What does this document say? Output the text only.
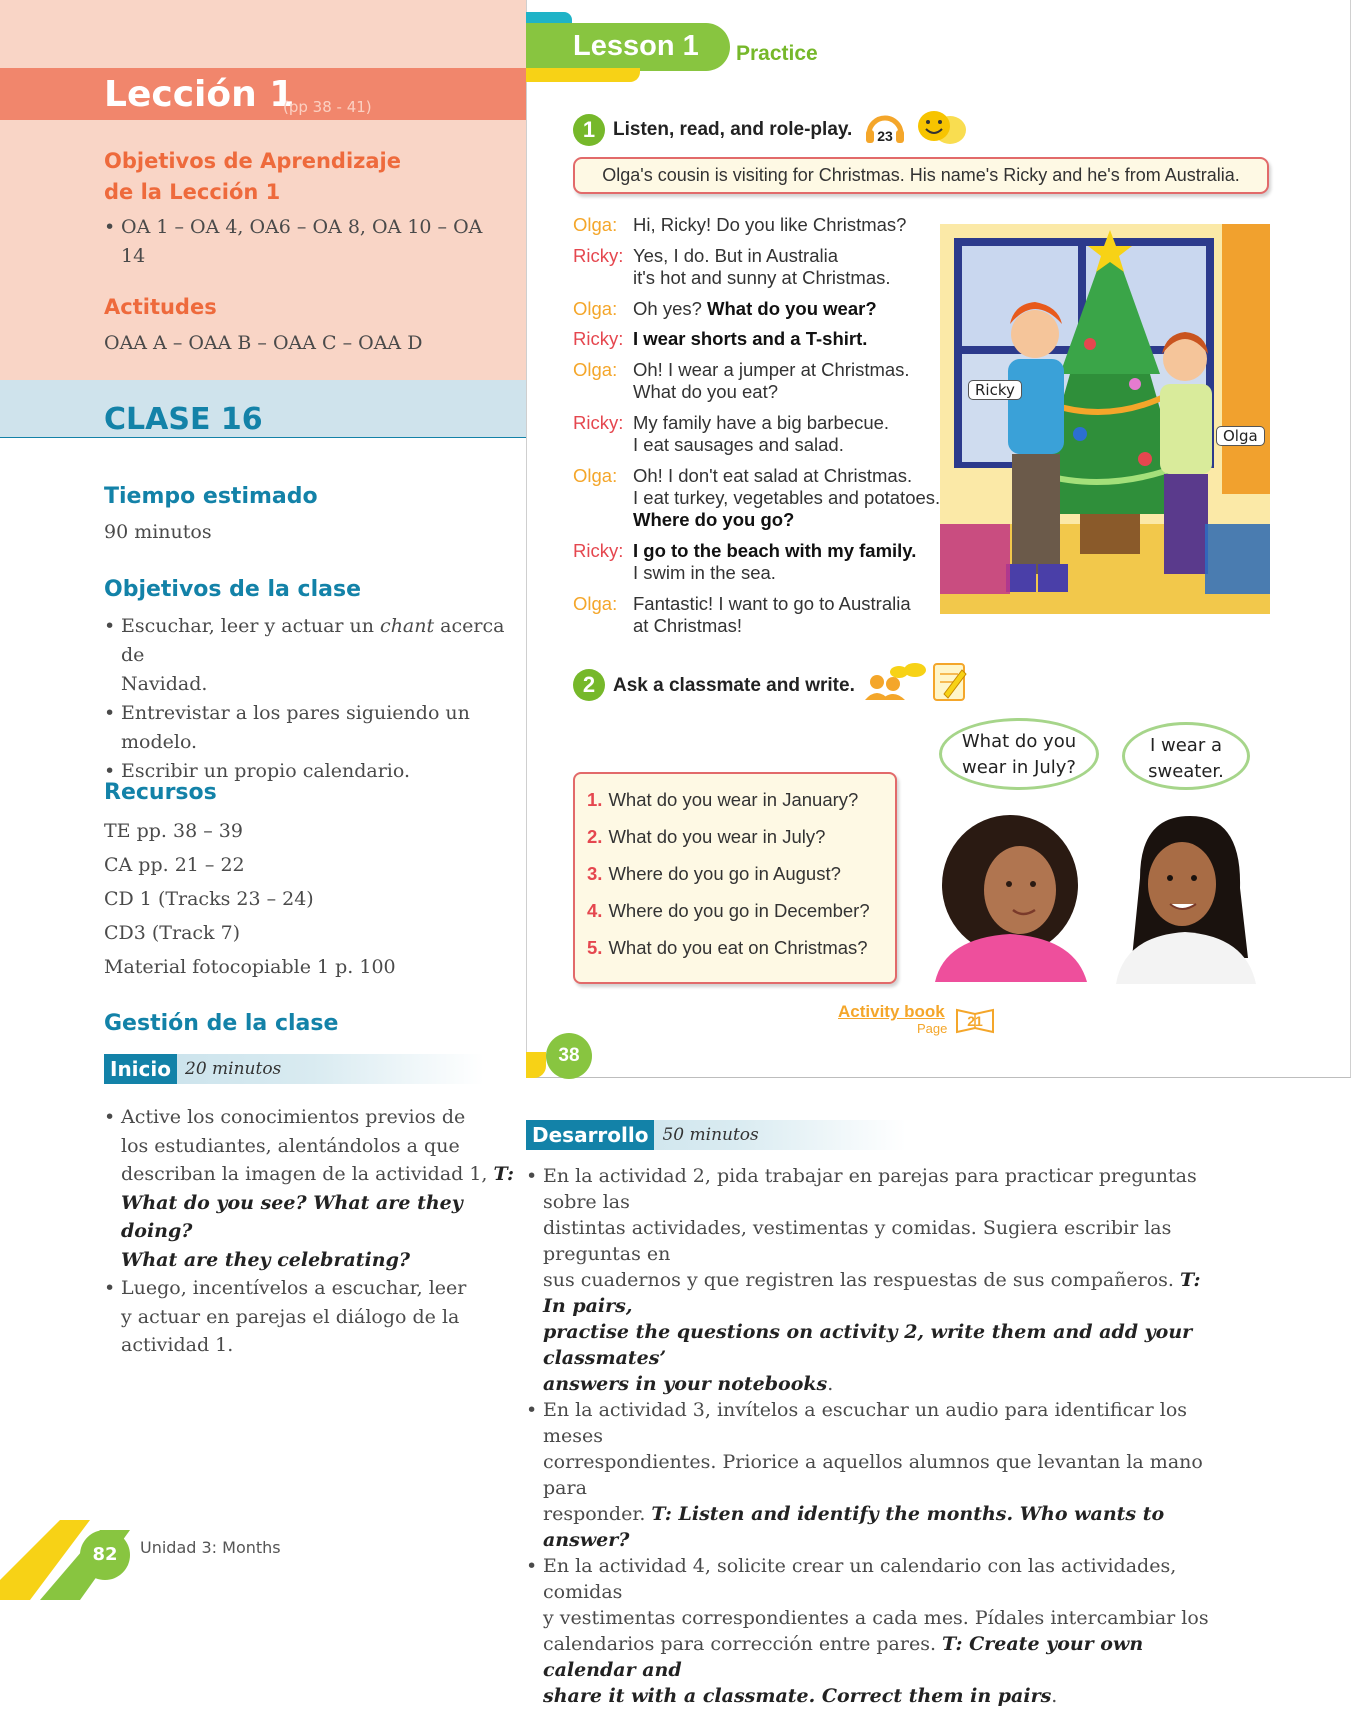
Lección 1
(pp 38 - 41)
Objetivos de Aprendizaje
de la Lección 1
• OA 1 – OA 4, OA6 – OA 8, OA 10 – OA
14
Actitudes
OAA A – OAA B – OAA C – OAA D
CLASE 16
Tiempo estimado
90 minutos
Objetivos de la clase
• Escuchar, leer y actuar un chant acerca de
Navidad.
• Entrevistar a los pares siguiendo un
modelo.
• Escribir un propio calendario.
Recursos
TE pp. 38 – 39
CA pp. 21 – 22
CD 1 (Tracks 23 – 24)
CD3 (Track 7)
Material fotocopiable 1 p. 100
Gestión de la clase
Inicio 20 minutos
• Active los conocimientos previos de
los estudiantes, alentándolos a que
describan la imagen de la actividad 1, T:
What do you see? What are they doing?
What are they celebrating?
• Luego, incentívelos a escuchar, leer
y actuar en parejas el diálogo de la
actividad 1.
Lesson 1 Practice
1 Listen, read, and role-play. 23
Olga's cousin is visiting for Christmas. His name's Ricky and he's from Australia.
Olga: Hi, Ricky! Do you like Christmas?
Ricky: Yes, I do. But in Australia
it's hot and sunny at Christmas.
Olga: Oh yes? What do you wear?
Ricky: I wear shorts and a T-shirt.
Olga: Oh! I wear a jumper at Christmas.
What do you eat?
Ricky: My family have a big barbecue.
I eat sausages and salad.
Olga: Oh! I don't eat salad at Christmas.
I eat turkey, vegetables and potatoes.
Where do you go?
Ricky: I go to the beach with my family.
I swim in the sea.
Olga: Fantastic! I want to go to Australia
at Christmas!
Ricky
Olga
2 Ask a classmate and write.
What do you
wear in July?
I wear a
sweater.
1. What do you wear in January?
2. What do you wear in July?
3. Where do you go in August?
4. Where do you go in December?
5. What do you eat on Christmas?
Activity book
Page 21
38
Desarrollo 50 minutos
• En la actividad 2, pida trabajar en parejas para practicar preguntas sobre las
distintas actividades, vestimentas y comidas. Sugiera escribir las preguntas en
sus cuadernos y que registren las respuestas de sus compañeros. T: In pairs,
practise the questions on activity 2, write them and add your classmates’
answers in your notebooks.
• En la actividad 3, invítelos a escuchar un audio para identificar los meses
correspondientes. Priorice a aquellos alumnos que levantan la mano para
responder. T: Listen and identify the months. Who wants to answer?
• En la actividad 4, solicite crear un calendario con las actividades, comidas
y vestimentas correspondientes a cada mes. Pídales intercambiar los
calendarios para corrección entre pares. T: Create your own calendar and
share it with a classmate. Correct them in pairs.
82	Unidad 3: Months
